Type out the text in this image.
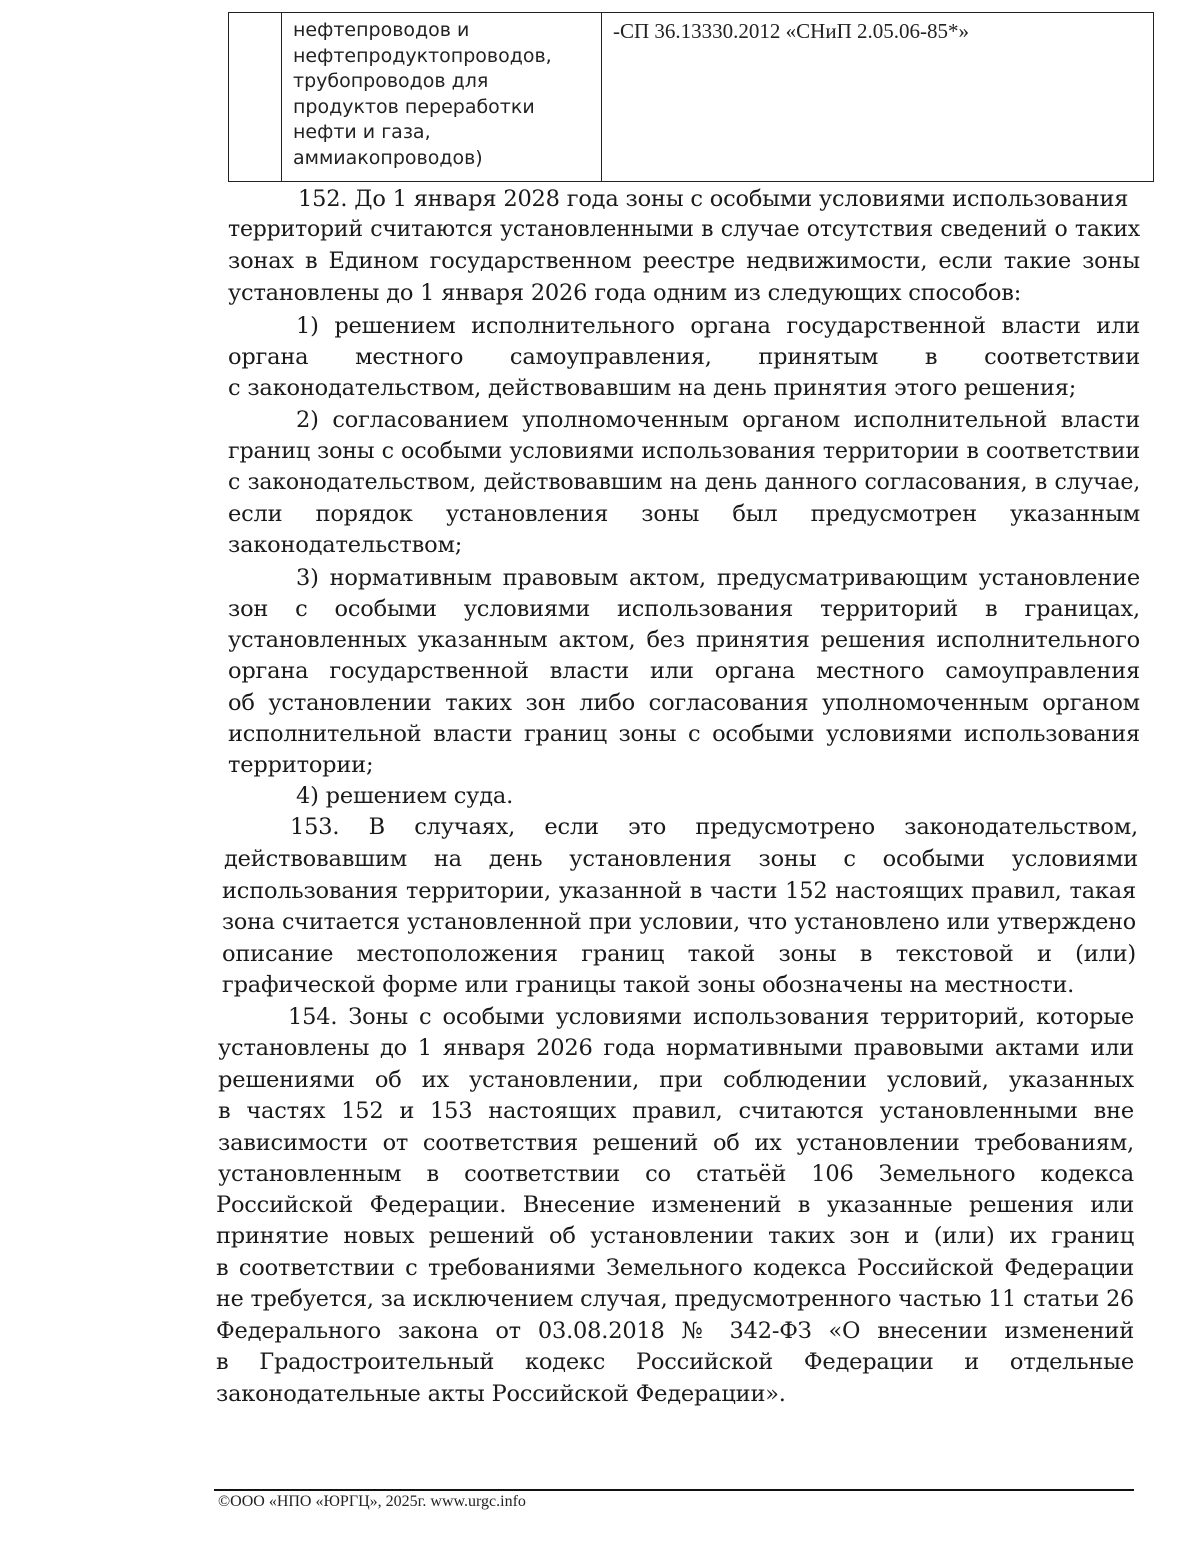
нефтепроводов и
нефтепродуктопроводов,
трубопроводов для
продуктов переработки
нефти и газа,
аммиакопроводов)
-СП 36.13330.2012 «СНиП 2.05.06-85*»
152. До 1 января 2028 года зоны с особыми условиями использования
территорий считаются установленными в случае отсутствия сведений о таких
зонах в Едином государственном реестре недвижимости, если такие зоны
установлены до 1 января 2026 года одним из следующих способов:
1) решением исполнительного органа государственной власти или
органа местного самоуправления, принятым в соответствии
с законодательством, действовавшим на день принятия этого решения;
2) согласованием уполномоченным органом исполнительной власти
границ зоны с особыми условиями использования территории в соответствии
с законодательством, действовавшим на день данного согласования, в случае,
если порядок установления зоны был предусмотрен указанным
законодательством;
3) нормативным правовым актом, предусматривающим установление
зон с особыми условиями использования территорий в границах,
установленных указанным актом, без принятия решения исполнительного
органа государственной власти или органа местного самоуправления
об установлении таких зон либо согласования уполномоченным органом
исполнительной власти границ зоны с особыми условиями использования
территории;
4) решением суда.
153. В случаях, если это предусмотрено законодательством,
действовавшим на день установления зоны с особыми условиями
использования территории, указанной в части 152 настоящих правил, такая
зона считается установленной при условии, что установлено или утверждено
описание местоположения границ такой зоны в текстовой и (или)
графической форме или границы такой зоны обозначены на местности.
154. Зоны с особыми условиями использования территорий, которые
установлены до 1 января 2026 года нормативными правовыми актами или
решениями об их установлении, при соблюдении условий, указанных
в частях 152 и 153 настоящих правил, считаются установленными вне
зависимости от соответствия решений об их установлении требованиям,
установленным в соответствии со статьёй 106 Земельного кодекса
Российской Федерации. Внесение изменений в указанные решения или
принятие новых решений об установлении таких зон и (или) их границ
в соответствии с требованиями Земельного кодекса Российской Федерации
не требуется, за исключением случая, предусмотренного частью 11 статьи 26
Федерального закона от 03.08.2018 № 342-ФЗ «О внесении изменений
в Градостроительный кодекс Российской Федерации и отдельные
законодательные акты Российской Федерации».
©ООО «НПО «ЮРГЦ», 2025г. www.urgc.info
